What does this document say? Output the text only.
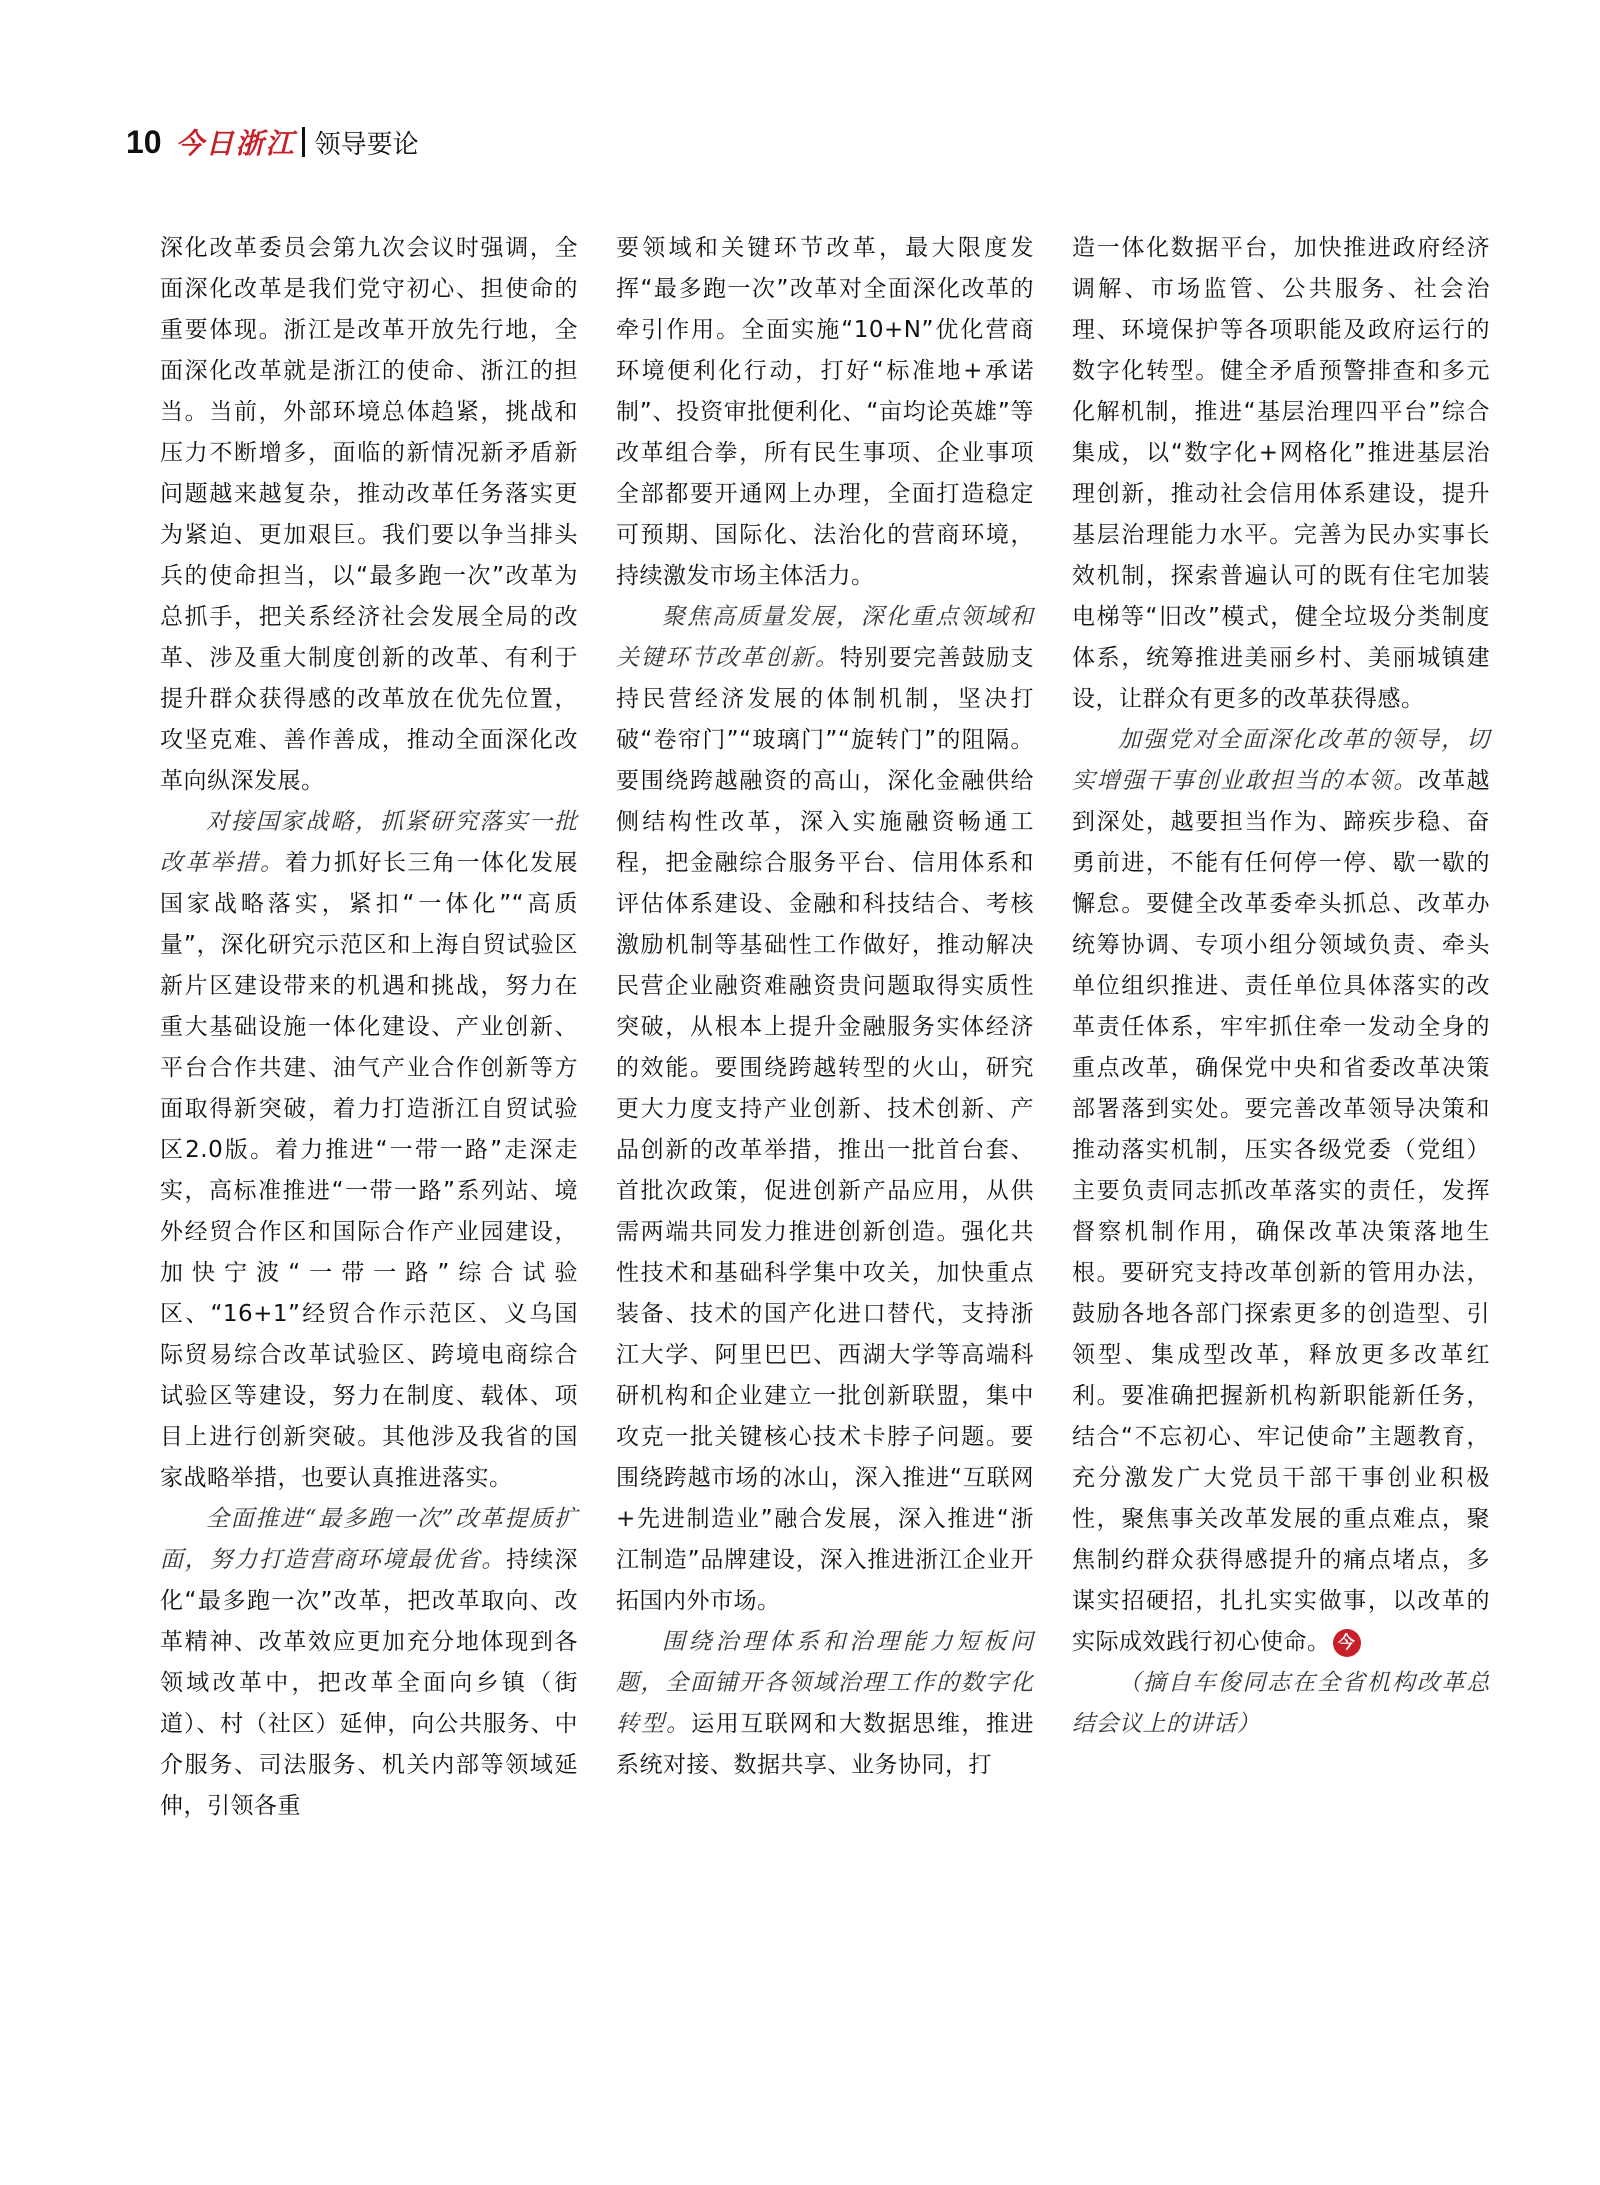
10 今日浙江 领导要论

深化改革委员会第九次会议时强调，全面深化改革是我们党守初心、担使命的重要体现。浙江是改革开放先行地，全面深化改革就是浙江的使命、浙江的担当。当前，外部环境总体趋紧，挑战和压力不断增多，面临的新情况新矛盾新问题越来越复杂，推动改革任务落实更为紧迫、更加艰巨。我们要以争当排头兵的使命担当，以“最多跑一次”改革为总抓手，把关系经济社会发展全局的改革、涉及重大制度创新的改革、有利于提升群众获得感的改革放在优先位置，攻坚克难、善作善成，推动全面深化改革向纵深发展。

对接国家战略，抓紧研究落实一批改革举措。着力抓好长三角一体化发展国家战略落实，紧扣“一体化”“高质量”，深化研究示范区和上海自贸试验区新片区建设带来的机遇和挑战，努力在重大基础设施一体化建设、产业创新、平台合作共建、油气产业合作创新等方面取得新突破，着力打造浙江自贸试验区2.0版。着力推进“一带一路”走深走实，高标准推进“一带一路”系列站、境外经贸合作区和国际合作产业园建设，加快宁波“一带一路”综合试验区、“16+1”经贸合作示范区、义乌国际贸易综合改革试验区、跨境电商综合试验区等建设，努力在制度、载体、项目上进行创新突破。其他涉及我省的国家战略举措，也要认真推进落实。

全面推进“最多跑一次”改革提质扩面，努力打造营商环境最优省。持续深化“最多跑一次”改革，把改革取向、改革精神、改革效应更加充分地体现到各领域改革中，把改革全面向乡镇（街道）、村（社区）延伸，向公共服务、中介服务、司法服务、机关内部等领域延伸，引领各重

要领域和关键环节改革，最大限度发挥“最多跑一次”改革对全面深化改革的牵引作用。全面实施“10+N”优化营商环境便利化行动，打好“标准地+承诺制”、投资审批便利化、“亩均论英雄”等改革组合拳，所有民生事项、企业事项全部都要开通网上办理，全面打造稳定可预期、国际化、法治化的营商环境，持续激发市场主体活力。

聚焦高质量发展，深化重点领域和关键环节改革创新。特别要完善鼓励支持民营经济发展的体制机制，坚决打破“卷帘门”“玻璃门”“旋转门”的阻隔。要围绕跨越融资的高山，深化金融供给侧结构性改革，深入实施融资畅通工程，把金融综合服务平台、信用体系和评估体系建设、金融和科技结合、考核激励机制等基础性工作做好，推动解决民营企业融资难融资贵问题取得实质性突破，从根本上提升金融服务实体经济的效能。要围绕跨越转型的火山，研究更大力度支持产业创新、技术创新、产品创新的改革举措，推出一批首台套、首批次政策，促进创新产品应用，从供需两端共同发力推进创新创造。强化共性技术和基础科学集中攻关，加快重点装备、技术的国产化进口替代，支持浙江大学、阿里巴巴、西湖大学等高端科研机构和企业建立一批创新联盟，集中攻克一批关键核心技术卡脖子问题。要围绕跨越市场的冰山，深入推进“互联网+先进制造业”融合发展，深入推进“浙江制造”品牌建设，深入推进浙江企业开拓国内外市场。

围绕治理体系和治理能力短板问题，全面铺开各领域治理工作的数字化转型。运用互联网和大数据思维，推进系统对接、数据共享、业务协同，打

造一体化数据平台，加快推进政府经济调解、市场监管、公共服务、社会治理、环境保护等各项职能及政府运行的数字化转型。健全矛盾预警排查和多元化解机制，推进“基层治理四平台”综合集成，以“数字化+网格化”推进基层治理创新，推动社会信用体系建设，提升基层治理能力水平。完善为民办实事长效机制，探索普遍认可的既有住宅加装电梯等“旧改”模式，健全垃圾分类制度体系，统筹推进美丽乡村、美丽城镇建设，让群众有更多的改革获得感。

加强党对全面深化改革的领导，切实增强干事创业敢担当的本领。改革越到深处，越要担当作为、蹄疾步稳、奋勇前进，不能有任何停一停、歇一歇的懈怠。要健全改革委牵头抓总、改革办统筹协调、专项小组分领域负责、牵头单位组织推进、责任单位具体落实的改革责任体系，牢牢抓住牵一发动全身的重点改革，确保党中央和省委改革决策部署落到实处。要完善改革领导决策和推动落实机制，压实各级党委（党组）主要负责同志抓改革落实的责任，发挥督察机制作用，确保改革决策落地生根。要研究支持改革创新的管用办法，鼓励各地各部门探索更多的创造型、引领型、集成型改革，释放更多改革红利。要准确把握新机构新职能新任务，结合“不忘初心、牢记使命”主题教育，充分激发广大党员干部干事创业积极性，聚焦事关改革发展的重点难点，聚焦制约群众获得感提升的痛点堵点，多谋实招硬招，扎扎实实做事，以改革的实际成效践行初心使命。 今

（摘自车俊同志在全省机构改革总结会议上的讲话）
